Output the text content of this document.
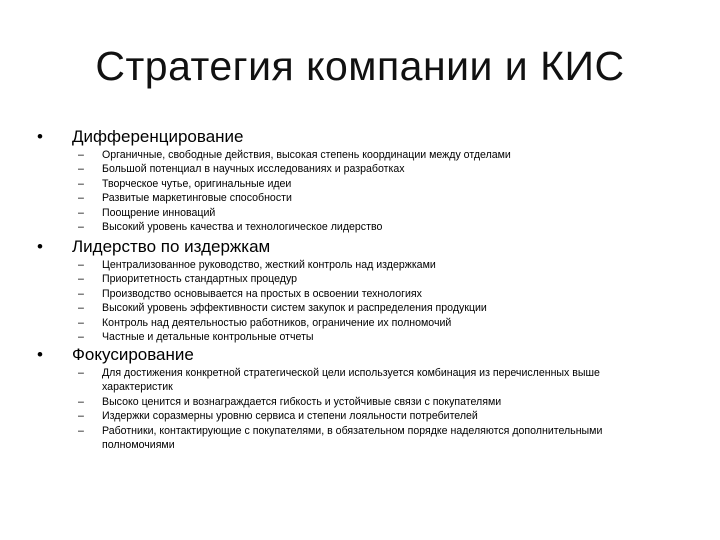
Стратегия компании и КИС
• Дифференцирование
– Органичные, свободные действия, высокая степень координации между отделами
– Большой потенциал в научных исследованиях и разработках
– Творческое чутье, оригинальные идеи
– Развитые маркетинговые способности
– Поощрение инноваций
– Высокий уровень качества и технологическое лидерство
• Лидерство по издержкам
– Централизованное руководство, жесткий контроль над издержками
– Приоритетность стандартных процедур
– Производство основывается на простых в освоении технологиях
– Высокий уровень эффективности систем закупок и распределения продукции
– Контроль над деятельностью работников, ограничение их полномочий
– Частные и детальные контрольные отчеты
• Фокусирование
– Для достижения конкретной стратегической цели используется комбинация из перечисленных выше характеристик
– Высоко ценится и вознаграждается гибкость и устойчивые связи с покупателями
– Издержки соразмерны уровню сервиса и степени лояльности потребителей
– Работники, контактирующие с покупателями, в обязательном порядке наделяются дополнительными полномочиями
